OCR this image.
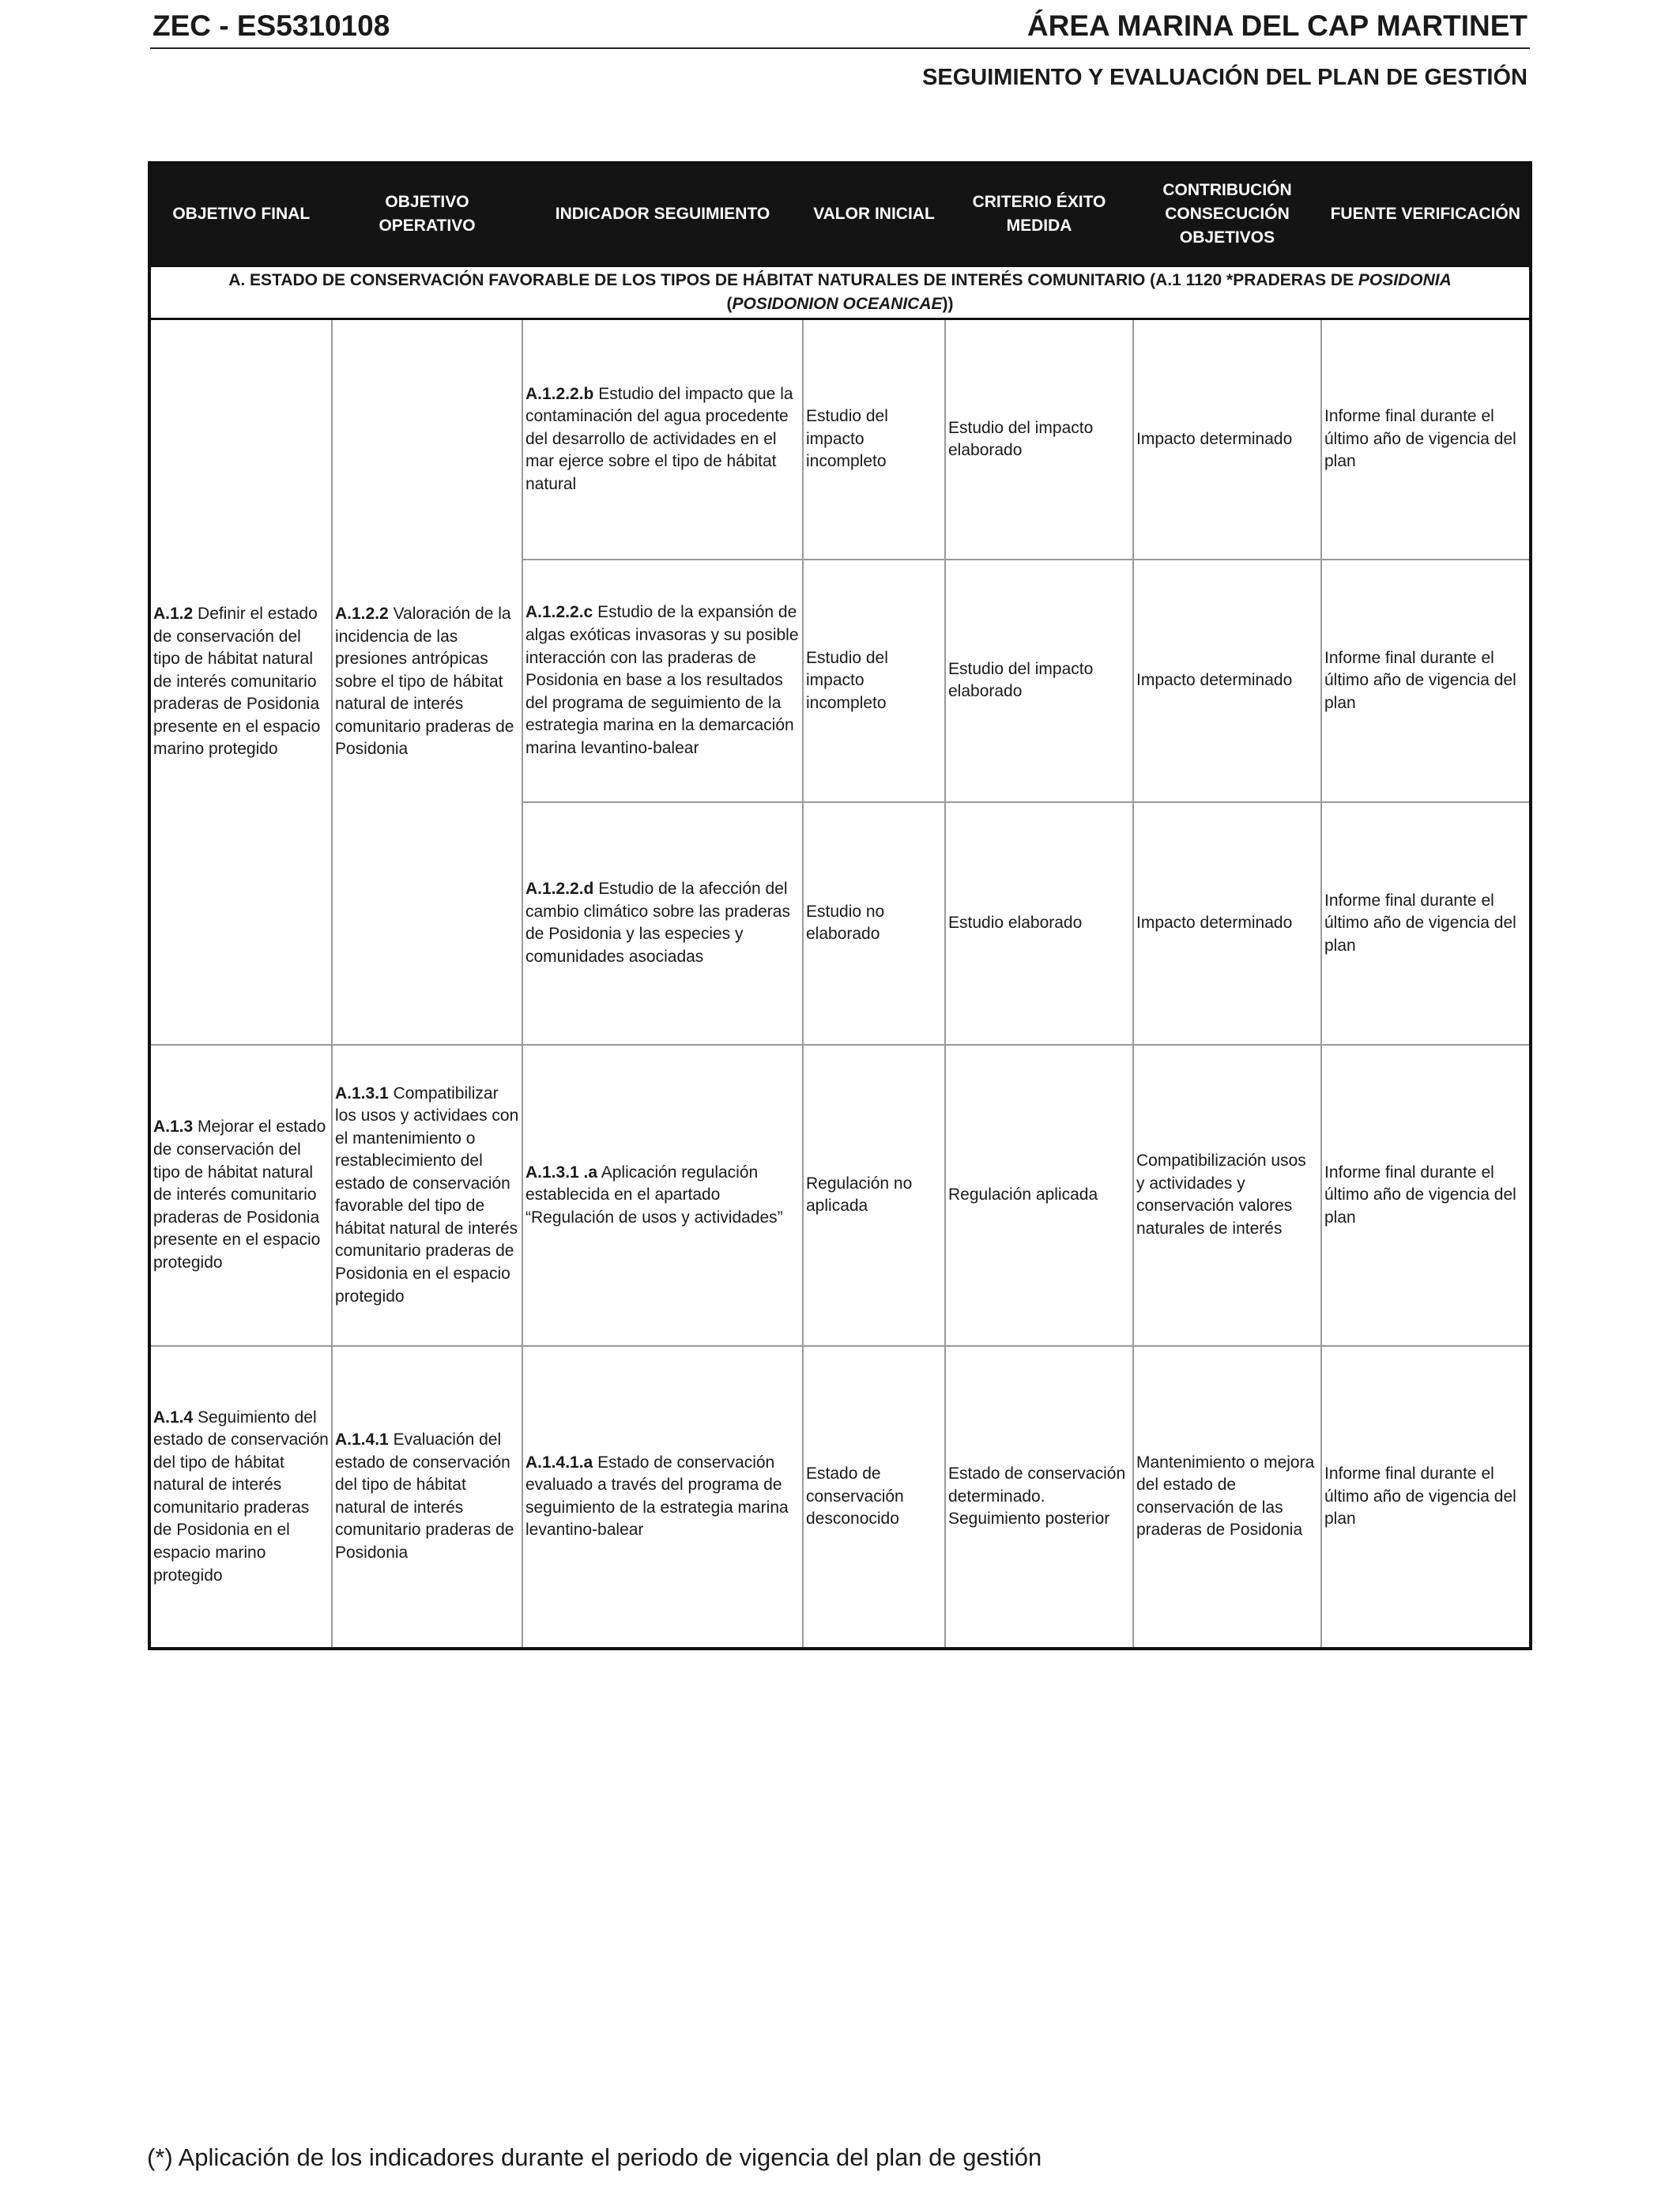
ZEC - ES5310108	ÁREA MARINA DEL CAP MARTINET
SEGUIMIENTO Y EVALUACIÓN DEL PLAN DE GESTIÓN
OBJETIVO FINAL	OBJETIVO OPERATIVO	INDICADOR SEGUIMIENTO	VALOR INICIAL	CRITERIO ÉXITO MEDIDA	CONTRIBUCIÓN CONSECUCIÓN OBJETIVOS	FUENTE VERIFICACIÓN
A. ESTADO DE CONSERVACIÓN FAVORABLE DE LOS TIPOS DE HÁBITAT NATURALES DE INTERÉS COMUNITARIO (A.1 1120 *PRADERAS DE POSIDONIA
(POSIDONION OCEANICAE))						
A.1.2 Definir el estado de conservación del tipo de hábitat natural de interés comunitario praderas de Posidonia presente en el espacio marino protegido	A.1.2.2 Valoración de la incidencia de las presiones antrópicas sobre el tipo de hábitat natural de interés comunitario praderas de Posidonia	A.1.2.2.b Estudio del impacto que la contaminación del agua procedente del desarrollo de actividades en el mar ejerce sobre el tipo de hábitat natural	Estudio del impacto incompleto	Estudio del impacto elaborado	Impacto determinado	Informe final durante el último año de vigencia del plan
		A.1.2.2.c Estudio de la expansión de algas exóticas invasoras y su posible interacción con las praderas de Posidonia en base a los resultados del programa de seguimiento de la estrategia marina en la demarcación marina levantino-balear	Estudio del impacto incompleto	Estudio del impacto elaborado	Impacto determinado	Informe final durante el último año de vigencia del plan
		A.1.2.2.d Estudio de la afección del cambio climático sobre las praderas de Posidonia y las especies y comunidades asociadas	Estudio no elaborado	Estudio elaborado	Impacto determinado	Informe final durante el último año de vigencia del plan
A.1.3 Mejorar el estado de conservación del tipo de hábitat natural de interés comunitario praderas de Posidonia presente en el espacio protegido	A.1.3.1 Compatibilizar los usos y actividaes con el mantenimiento o restablecimiento del estado de conservación favorable del tipo de hábitat natural de interés comunitario praderas de Posidonia en el espacio protegido	A.1.3.1 .a Aplicación regulación establecida en el apartado “Regulación de usos y actividades”	Regulación no aplicada	Regulación aplicada	Compatibilización usos y actividades y conservación valores naturales de interés	Informe final durante el último año de vigencia del plan
A.1.4 Seguimiento del estado de conservación del tipo de hábitat natural de interés comunitario praderas de Posidonia en el espacio marino protegido	A.1.4.1 Evaluación del estado de conservación del tipo de hábitat natural de interés comunitario praderas de Posidonia	A.1.4.1.a Estado de conservación evaluado a través del programa de seguimiento de la estrategia marina levantino-balear	Estado de conservación desconocido	Estado de conservación determinado. Seguimiento posterior	Mantenimiento o mejora del estado de conservación de las praderas de Posidonia	Informe final durante el último año de vigencia del plan
(*) Aplicación de los indicadores durante el periodo de vigencia del plan de gestión
